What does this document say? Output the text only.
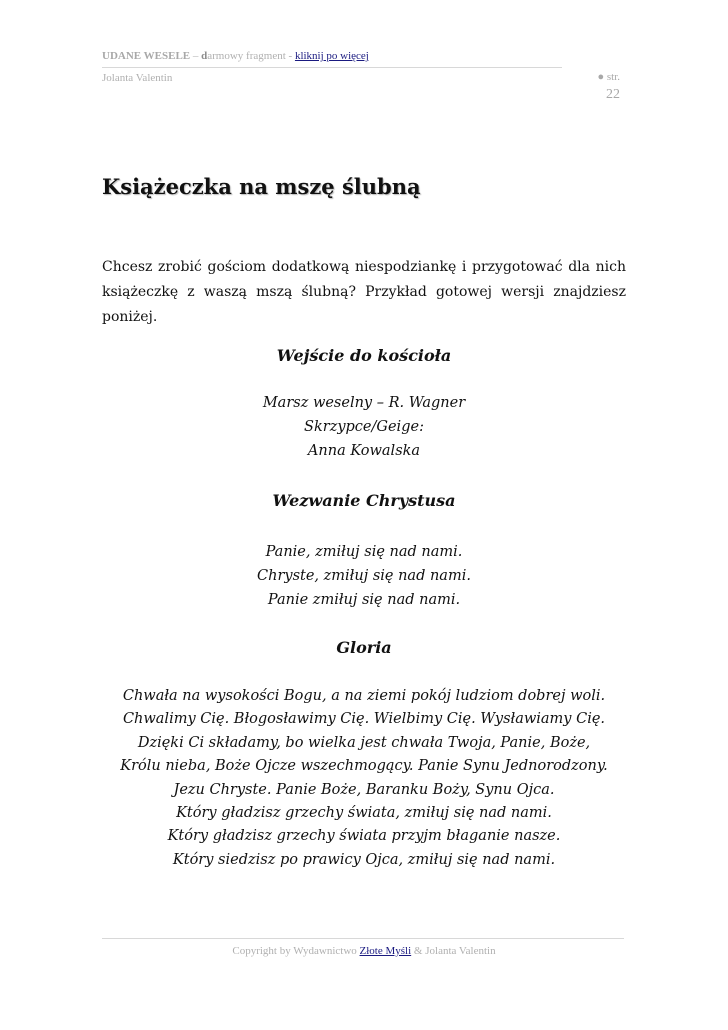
UDANE WESELE – darmowy fragment - kliknij po więcej
Jolanta Valentin	● str.
22
Książeczka na mszę ślubną

Chcesz zrobić gościom dodatkową niespodziankę i przygotować dla nich książeczkę z waszą mszą ślubną? Przykład gotowej wersji znajdziesz poniżej.

Wejście do kościoła
Marsz weselny – R. Wagner
Skrzypce/Geige:
Anna Kowalska
Wezwanie Chrystusa
Panie, zmiłuj się nad nami.
Chryste, zmiłuj się nad nami.
Panie zmiłuj się nad nami.
Gloria
Chwała na wysokości Bogu, a na ziemi pokój ludziom dobrej woli.
Chwalimy Cię. Błogosławimy Cię. Wielbimy Cię. Wysławiamy Cię.
Dzięki Ci składamy, bo wielka jest chwała Twoja, Panie, Boże,
Królu nieba, Boże Ojcze wszechmogący. Panie Synu Jednorodzony.
Jezu Chryste. Panie Boże, Baranku Boży, Synu Ojca.
Który gładzisz grzechy świata, zmiłuj się nad nami.
Który gładzisz grzechy świata przyjm błaganie nasze.
Który siedzisz po prawicy Ojca, zmiłuj się nad nami.
Copyright by Wydawnictwo Złote Myśli & Jolanta Valentin
